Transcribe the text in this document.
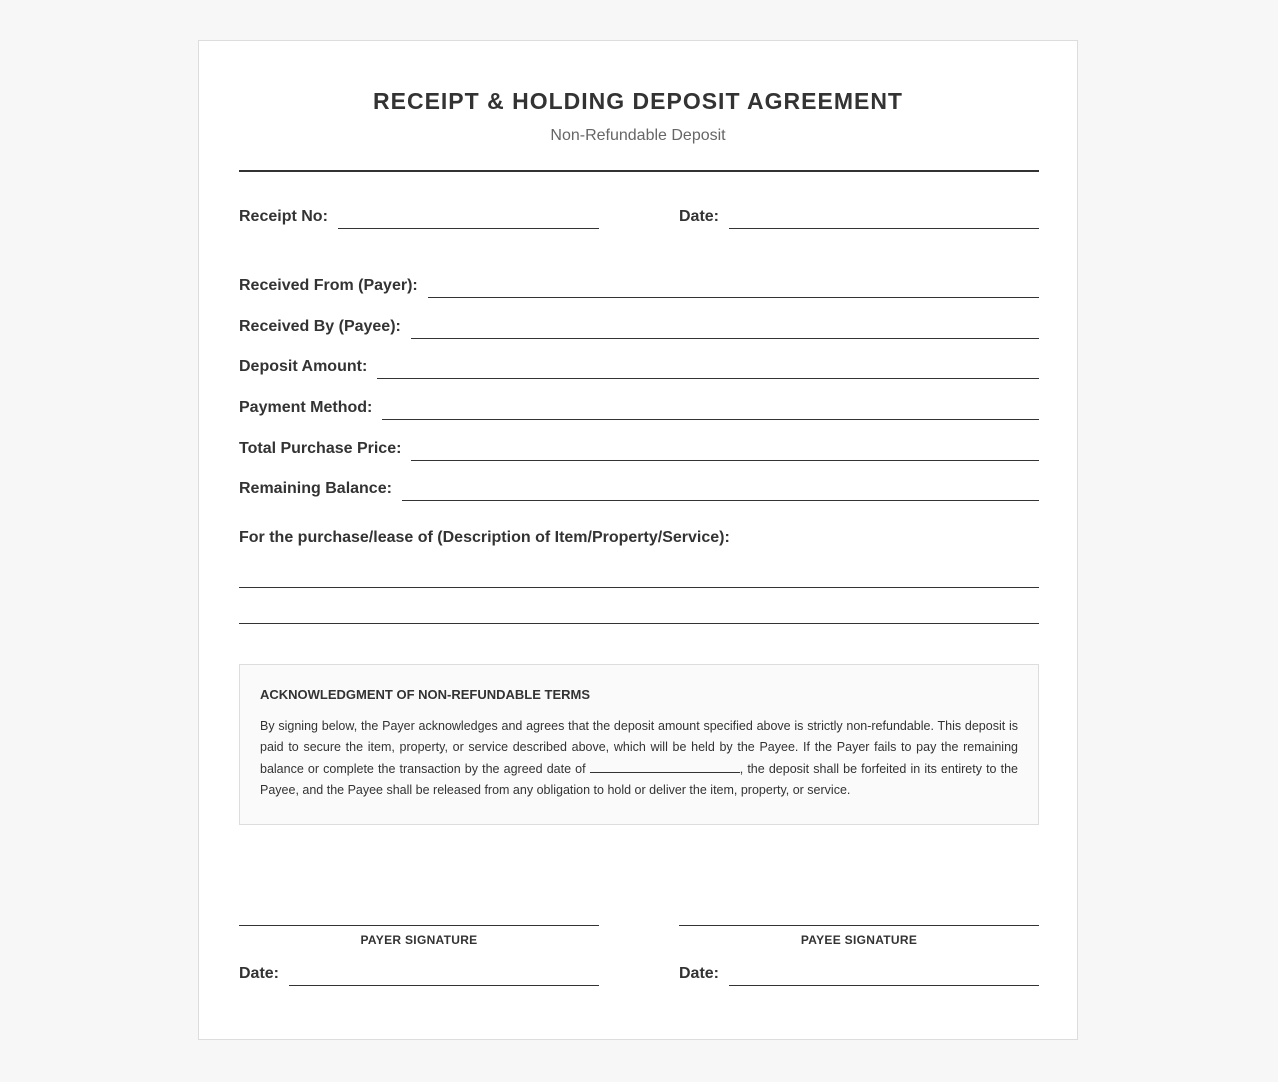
RECEIPT & HOLDING DEPOSIT AGREEMENT
Non-Refundable Deposit
Receipt No:	Date:
Received From (Payer):
Received By (Payee):
Deposit Amount:
Payment Method:
Total Purchase Price:
Remaining Balance:
For the purchase/lease of (Description of Item/Property/Service):
ACKNOWLEDGMENT OF NON-REFUNDABLE TERMS
By signing below, the Payer acknowledges and agrees that the deposit amount specified above is strictly non-refundable. This deposit is paid to secure the item, property, or service described above, which will be held by the Payee. If the Payer fails to pay the remaining balance or complete the transaction by the agreed date of	, the deposit shall be forfeited in its entirety to the Payee, and the Payee shall be released from any obligation to hold or deliver the item, property, or service.
PAYER SIGNATURE	PAYEE SIGNATURE
Date:	Date:
